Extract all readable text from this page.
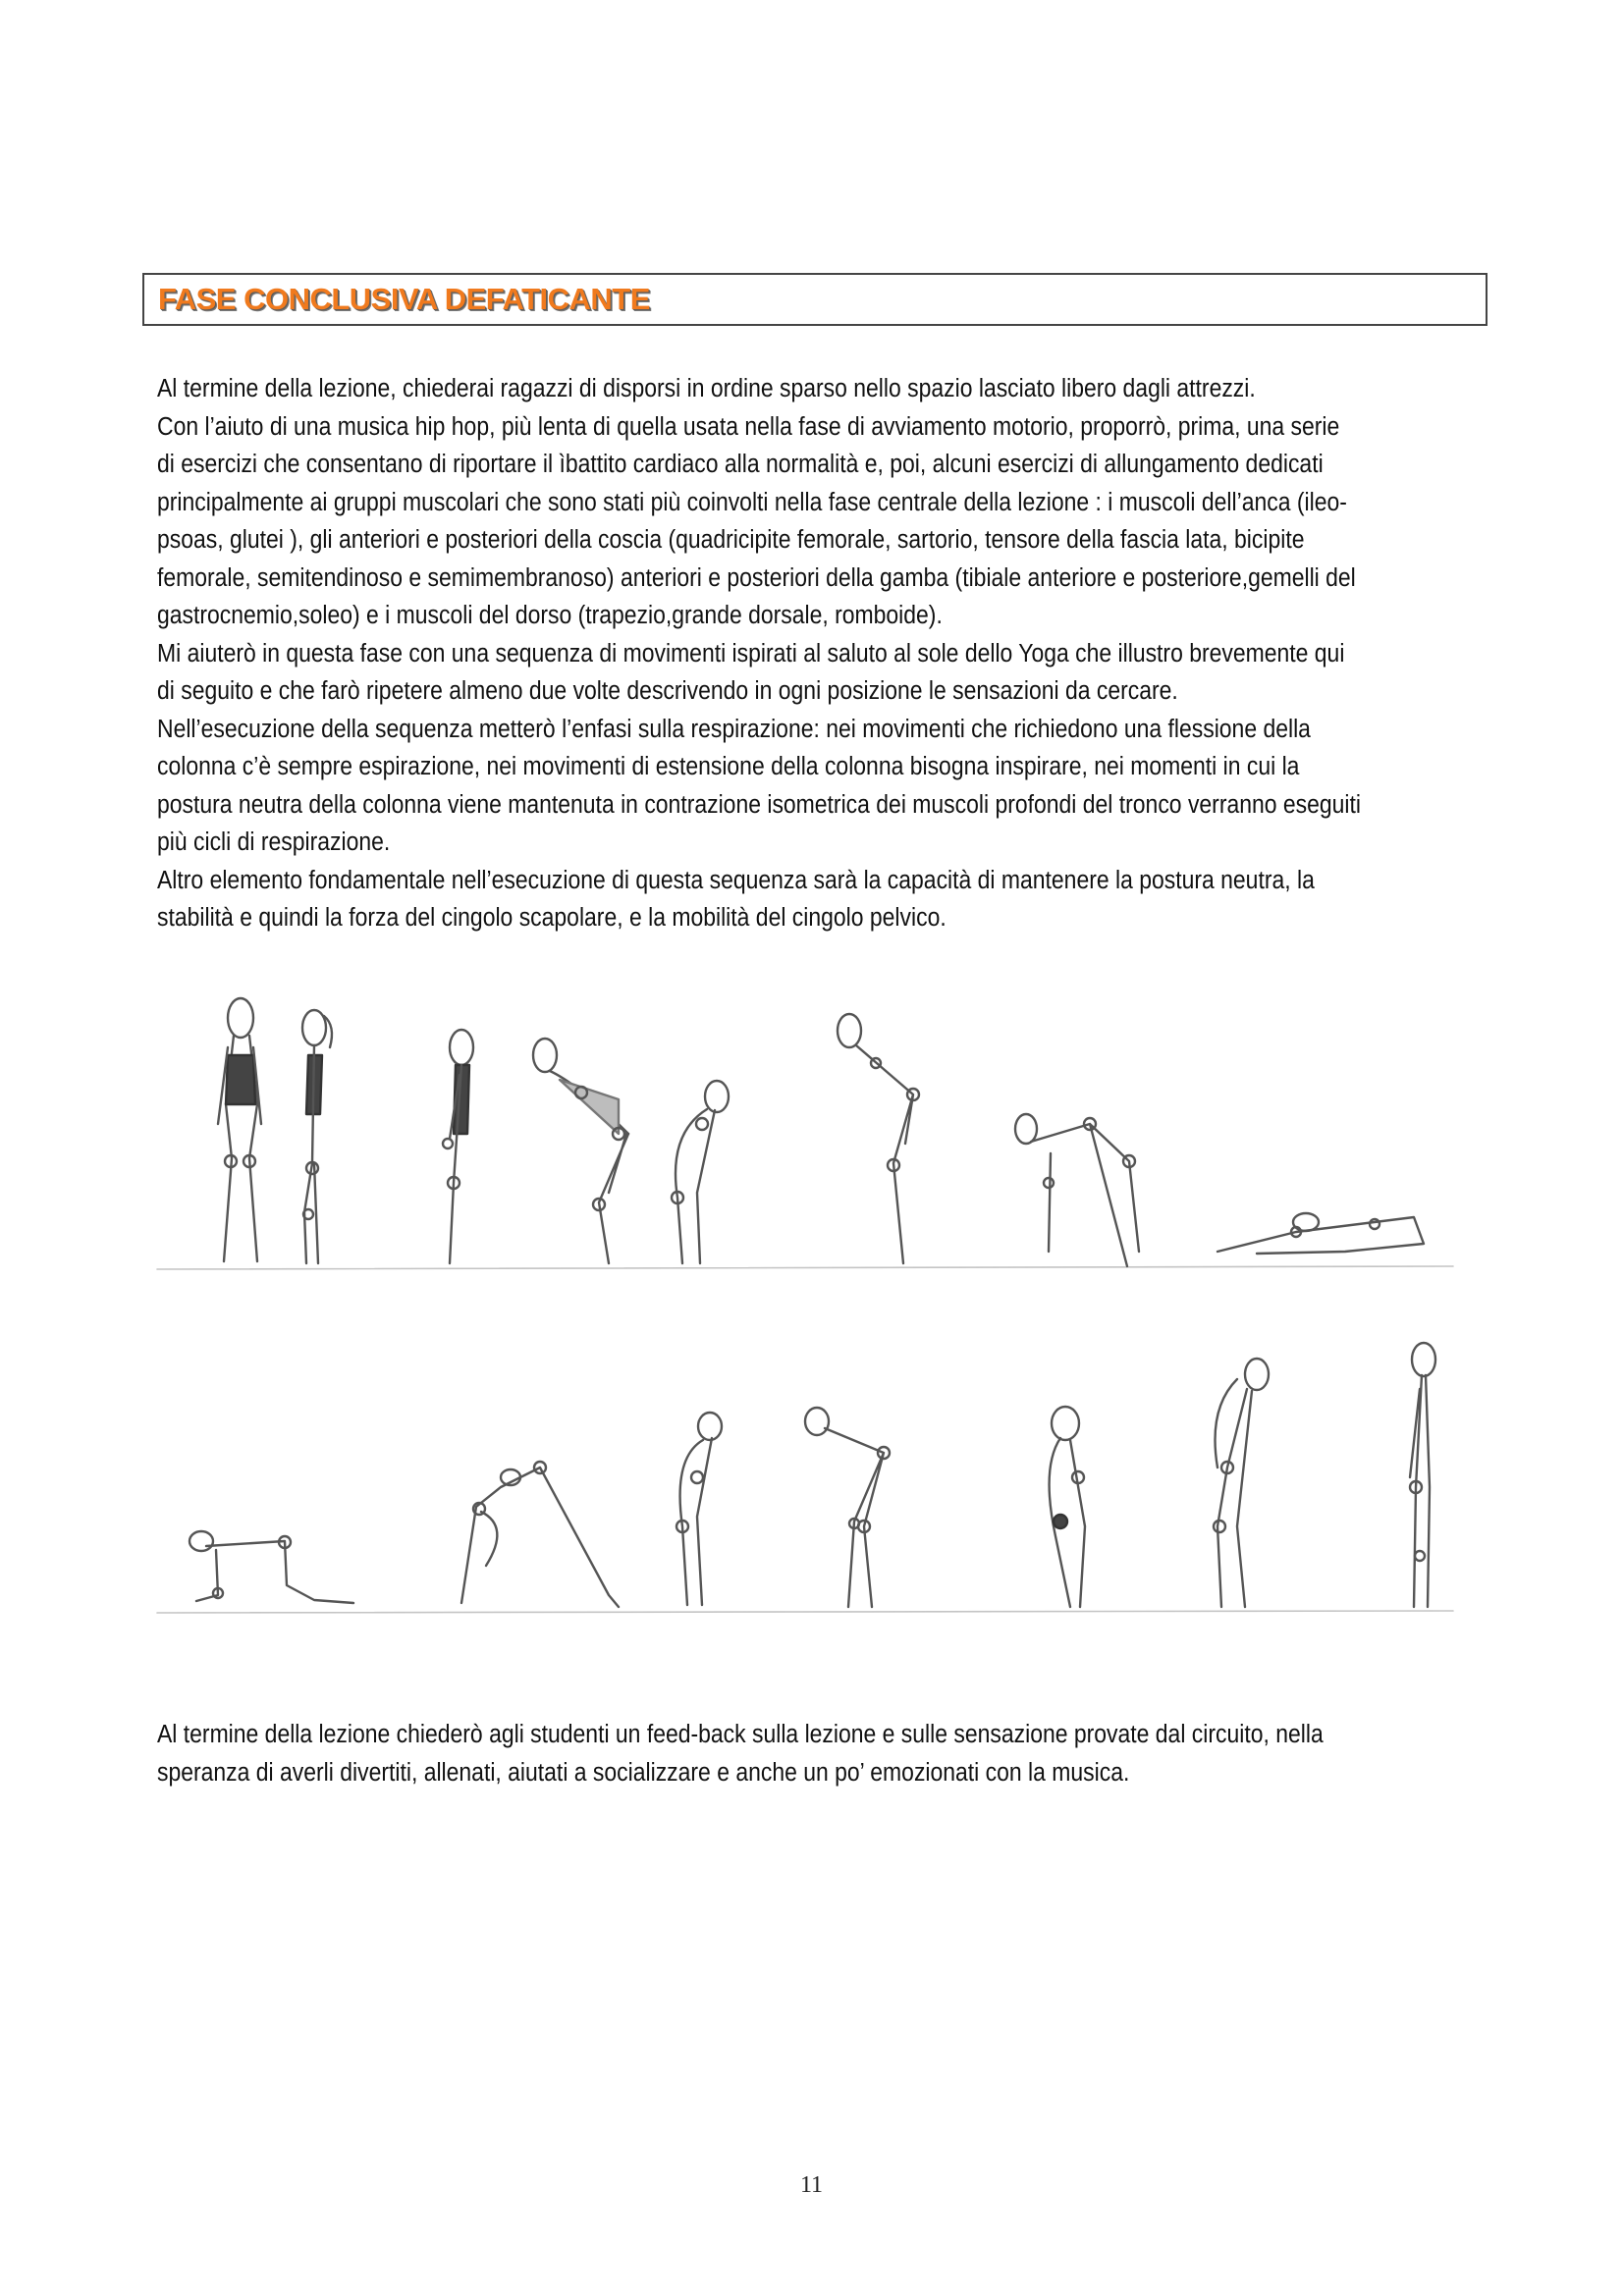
FASE CONCLUSIVA DEFATICANTE

Al termine della lezione, chiederai ragazzi di disporsi in ordine sparso nello spazio lasciato libero dagli attrezzi.

Con l’aiuto di una musica hip hop, più lenta di quella usata nella fase di avviamento motorio, proporrò, prima, una serie

di esercizi che consentano di riportare il ìbattito cardiaco alla normalità e, poi, alcuni esercizi di allungamento dedicati

principalmente ai gruppi muscolari che sono stati più coinvolti nella fase centrale della lezione : i muscoli dell’anca (ileo-

psoas, glutei ), gli anteriori e posteriori della coscia (quadricipite femorale, sartorio, tensore della fascia lata, bicipite

femorale, semitendinoso e semimembranoso) anteriori e posteriori della gamba (tibiale anteriore e posteriore,gemelli del

gastrocnemio,soleo) e i muscoli del dorso (trapezio,grande dorsale, romboide).

Mi aiuterò in questa fase con una sequenza di movimenti ispirati al saluto al sole dello Yoga che illustro brevemente qui

di seguito e che farò ripetere almeno due volte descrivendo in ogni posizione le sensazioni da cercare.

Nell’esecuzione della sequenza metterò l’enfasi sulla respirazione: nei movimenti che richiedono una flessione della

colonna c’è sempre espirazione, nei movimenti di estensione della colonna bisogna inspirare, nei momenti in cui la

postura neutra della colonna viene mantenuta in contrazione isometrica dei muscoli profondi del tronco verranno eseguiti

più cicli di respirazione.

Altro elemento fondamentale nell’esecuzione di questa sequenza sarà la capacità di mantenere la postura neutra, la

stabilità e quindi la forza del cingolo scapolare, e la mobilità del cingolo pelvico.

Al termine della lezione chiederò agli studenti un feed-back sulla lezione e sulle sensazione provate dal circuito, nella

speranza di averli divertiti, allenati, aiutati a socializzare e anche un po’ emozionati con la musica.

11
